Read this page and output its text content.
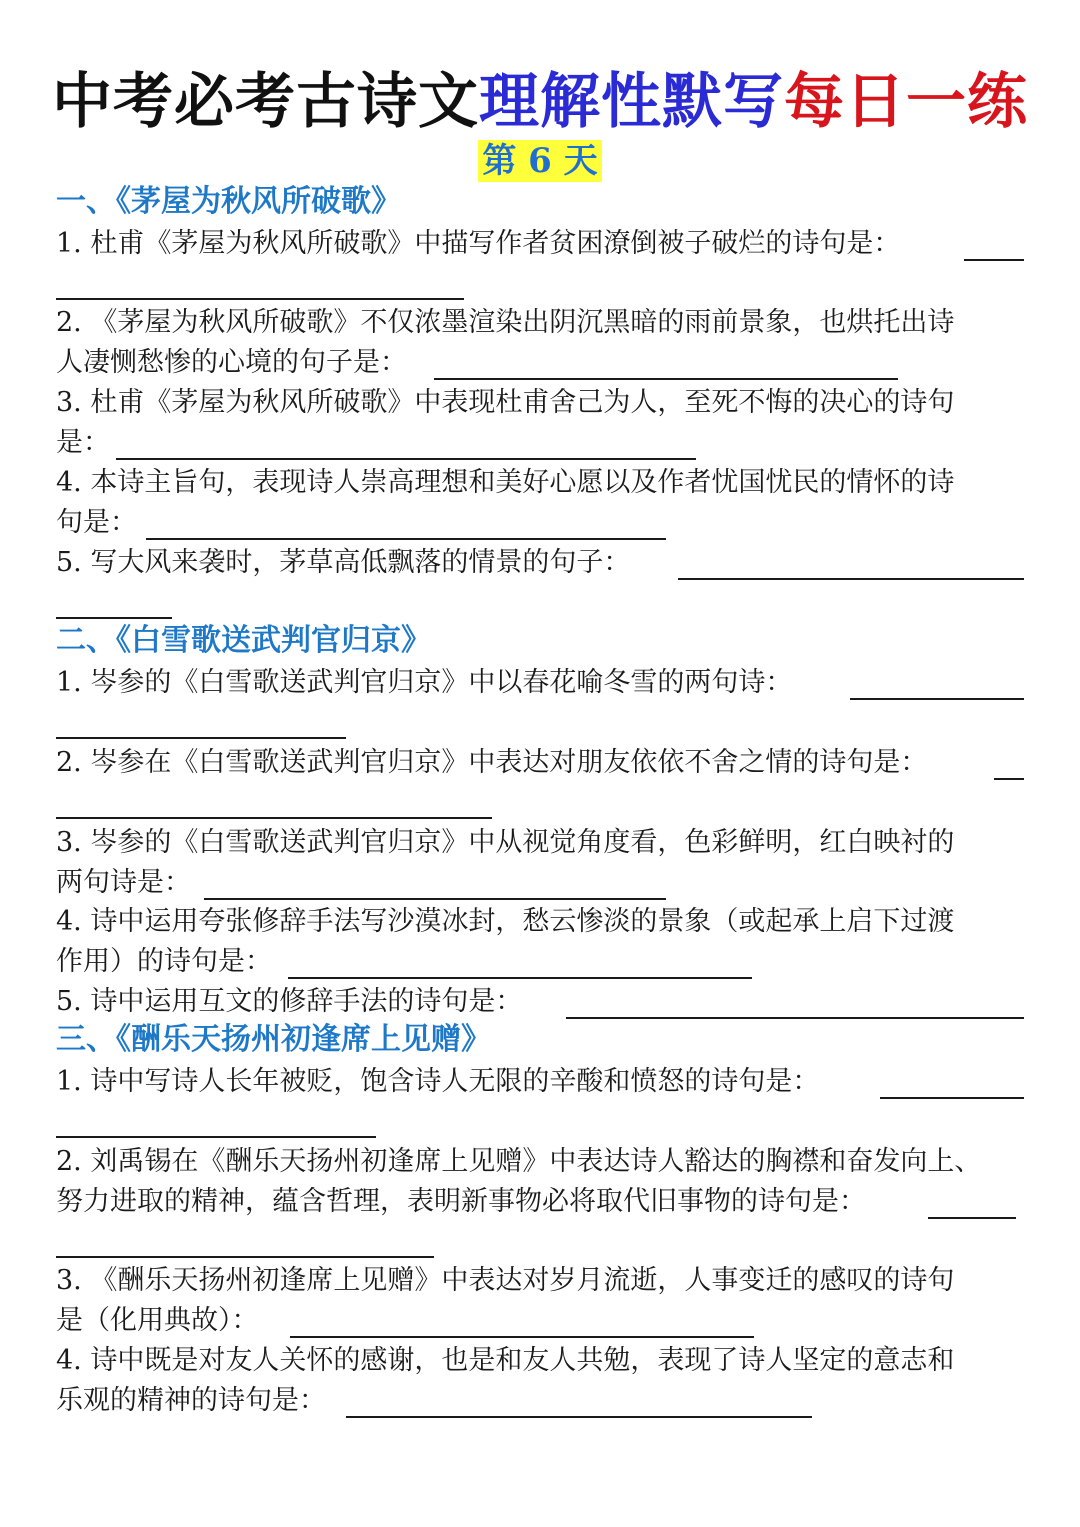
中考必考古诗文理解性默写每日一练
第 6 天
一、《茅屋为秋风所破歌》
1. 杜甫《茅屋为秋风所破歌》中描写作者贫困潦倒被子破烂的诗句是：
2. 《茅屋为秋风所破歌》不仅浓墨渲染出阴沉黑暗的雨前景象，也烘托出诗
人凄恻愁惨的心境的句子是：
3. 杜甫《茅屋为秋风所破歌》中表现杜甫舍己为人，至死不悔的决心的诗句
是：
4. 本诗主旨句，表现诗人崇高理想和美好心愿以及作者忧国忧民的情怀的诗
句是：
5. 写大风来袭时，茅草高低飘落的情景的句子：
二、《白雪歌送武判官归京》
1. 岑参的《白雪歌送武判官归京》中以春花喻冬雪的两句诗：
2. 岑参在《白雪歌送武判官归京》中表达对朋友依依不舍之情的诗句是：
3. 岑参的《白雪歌送武判官归京》中从视觉角度看，色彩鲜明，红白映衬的
两句诗是：
4. 诗中运用夸张修辞手法写沙漠冰封，愁云惨淡的景象（或起承上启下过渡
作用）的诗句是：
5. 诗中运用互文的修辞手法的诗句是：
三、《酬乐天扬州初逢席上见赠》
1. 诗中写诗人长年被贬，饱含诗人无限的辛酸和愤怒的诗句是：
2. 刘禹锡在《酬乐天扬州初逢席上见赠》中表达诗人豁达的胸襟和奋发向上、
努力进取的精神，蕴含哲理，表明新事物必将取代旧事物的诗句是：
3. 《酬乐天扬州初逢席上见赠》中表达对岁月流逝，人事变迁的感叹的诗句
是（化用典故）：
4. 诗中既是对友人关怀的感谢，也是和友人共勉，表现了诗人坚定的意志和
乐观的精神的诗句是：
